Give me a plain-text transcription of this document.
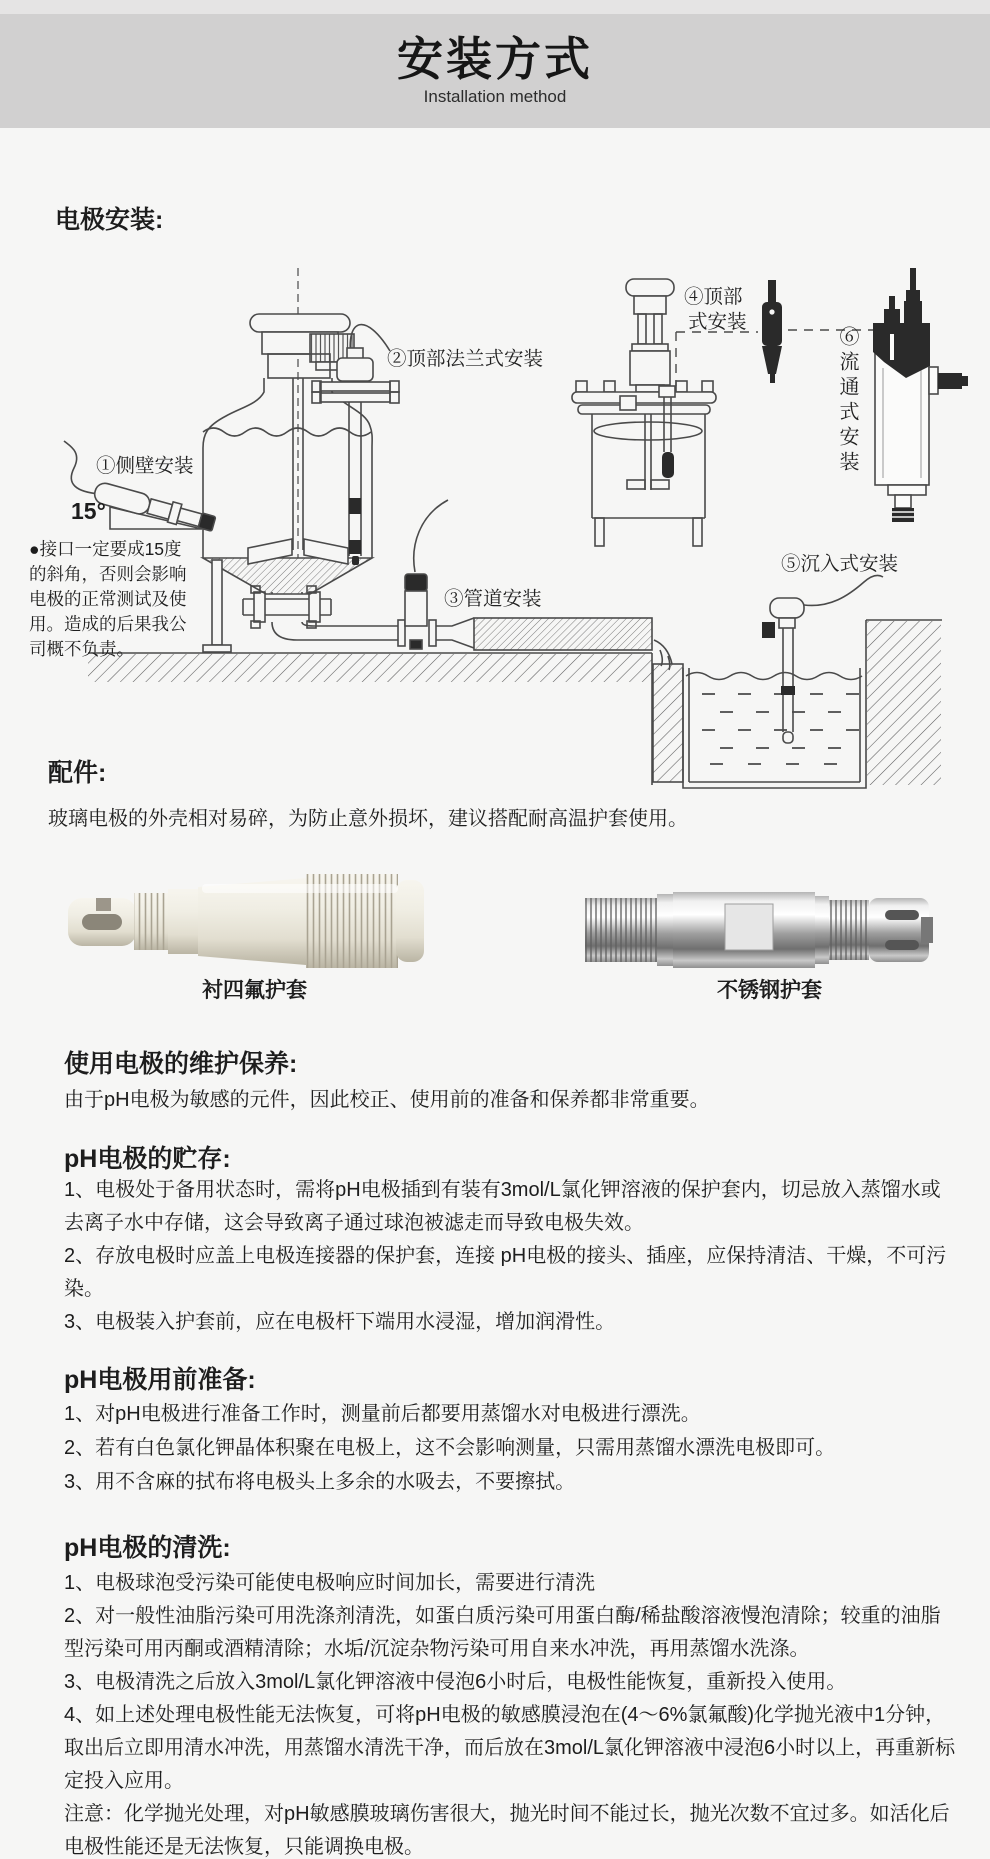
安装方式
Installation method
电极安装:
①侧壁安装
15°
②顶部法兰式安装
③管道安装
④顶部
式安装
⑤沉入式安装
⑥流通式安装
●接口一定要成15度
的斜角，否则会影响
电极的正常测试及使
用。造成的后果我公
司概不负责。
配件:
玻璃电极的外壳相对易碎，为防止意外损坏，建议搭配耐高温护套使用。
衬四氟护套	不锈钢护套
使用电极的维护保养:
由于pH电极为敏感的元件，因此校正、使用前的准备和保养都非常重要。
pH电极的贮存:

1、电极处于备用状态时，需将pH电极插到有装有3mol/L氯化钾溶液的保护套内，切忌放入蒸馏水或去离子水中存储，这会导致离子通过球泡被滤走而导致电极失效。

2、存放电极时应盖上电极连接器的保护套，连接 pH电极的接头、插座，应保持清洁、干燥，不可污染。

3、电极装入护套前，应在电极杆下端用水浸湿，增加润滑性。

pH电极用前准备:

1、对pH电极进行准备工作时，测量前后都要用蒸馏水对电极进行漂洗。

2、若有白色氯化钾晶体积聚在电极上，这不会影响测量，只需用蒸馏水漂洗电极即可。

3、用不含麻的拭布将电极头上多余的水吸去，不要擦拭。

pH电极的清洗:

1、电极球泡受污染可能使电极响应时间加长，需要进行清洗

2、对一般性油脂污染可用洗涤剂清洗，如蛋白质污染可用蛋白酶/稀盐酸溶液慢泡清除；较重的油脂型污染可用丙酮或酒精清除；水垢/沉淀杂物污染可用自来水冲洗，再用蒸馏水洗涤。

3、电极清洗之后放入3mol/L氯化钾溶液中侵泡6小时后，电极性能恢复，重新投入使用。

4、如上述处理电极性能无法恢复，可将pH电极的敏感膜浸泡在(4～6%氯氟酸)化学抛光液中1分钟，取出后立即用清水冲洗，用蒸馏水清洗干净，而后放在3mol/L氯化钾溶液中浸泡6小时以上，再重新标定投入应用。

注意：化学抛光处理，对pH敏感膜玻璃伤害很大，抛光时间不能过长，抛光次数不宜过多。如活化后电极性能还是无法恢复，只能调换电极。
